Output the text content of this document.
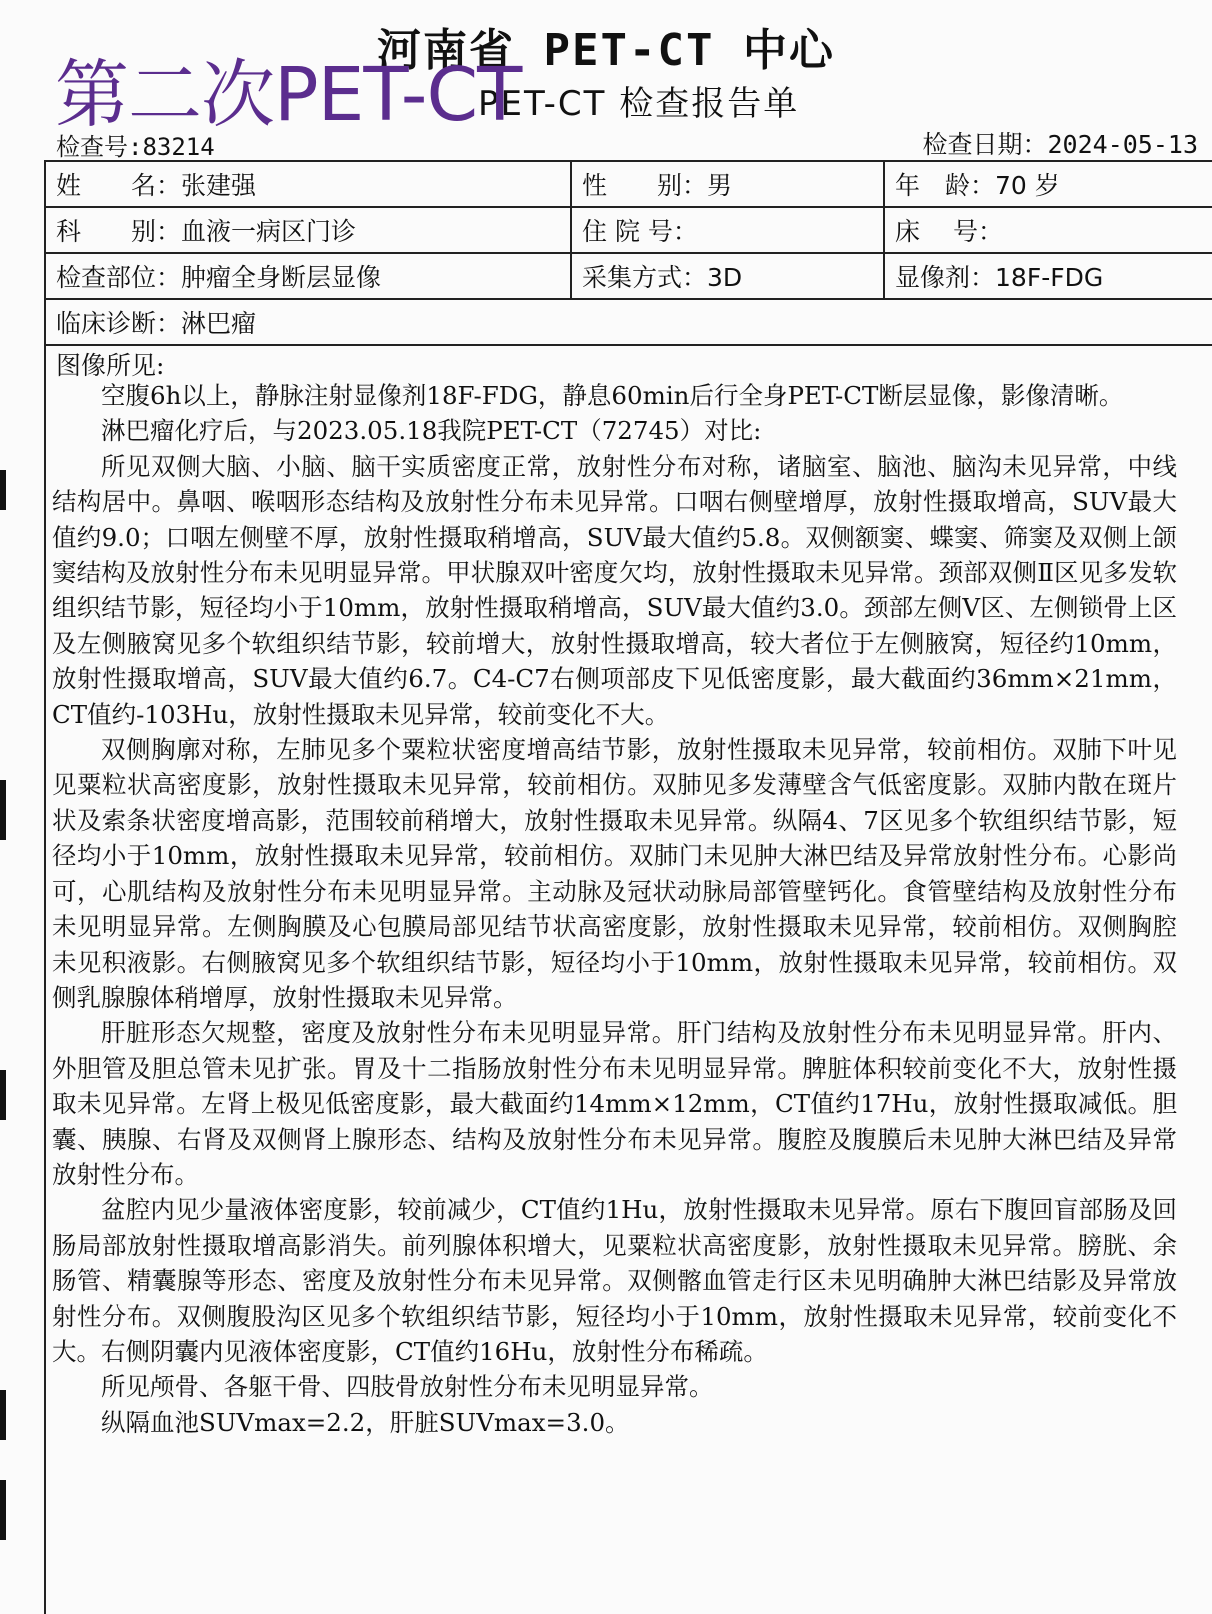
河南省 PET-CT 中心
PET-CT 检查报告单
第二次PET-CT
检查号:83214	检查日期：2024-05-13
姓　　名：张建强	性　　别：男	年　龄：70 岁
科　　别：血液一病区门诊	住 院 号：	床　 号：
检查部位：肿瘤全身断层显像	采集方式：3D	显像剂：18F-FDG
临床诊断：淋巴瘤		
图像所见:

空腹6h以上，静脉注射显像剂18F-FDG，静息60min后行全身PET-CT断层显像，影像清晰。

淋巴瘤化疗后，与2023.05.18我院PET-CT（72745）对比:

所见双侧大脑、小脑、脑干实质密度正常，放射性分布对称，诸脑室、脑池、脑沟未见异常，中线结构居中。鼻咽、喉咽形态结构及放射性分布未见异常。口咽右侧壁增厚，放射性摄取增高，SUV最大值约9.0；口咽左侧壁不厚，放射性摄取稍增高，SUV最大值约5.8。双侧额窦、蝶窦、筛窦及双侧上颌窦结构及放射性分布未见明显异常。甲状腺双叶密度欠均，放射性摄取未见异常。颈部双侧Ⅱ区见多发软组织结节影，短径均小于10mm，放射性摄取稍增高，SUV最大值约3.0。颈部左侧Ⅴ区、左侧锁骨上区及左侧腋窝见多个软组织结节影，较前增大，放射性摄取增高，较大者位于左侧腋窝，短径约10mm，放射性摄取增高，SUV最大值约6.7。C4-C7右侧项部皮下见低密度影，最大截面约36mm×21mm，CT值约-103Hu，放射性摄取未见异常，较前变化不大。

双侧胸廓对称，左肺见多个粟粒状密度增高结节影，放射性摄取未见异常，较前相仿。双肺下叶见见粟粒状高密度影，放射性摄取未见异常，较前相仿。双肺见多发薄壁含气低密度影。双肺内散在斑片状及索条状密度增高影，范围较前稍增大，放射性摄取未见异常。纵隔4、7区见多个软组织结节影，短径均小于10mm，放射性摄取未见异常，较前相仿。双肺门未见肿大淋巴结及异常放射性分布。心影尚可，心肌结构及放射性分布未见明显异常。主动脉及冠状动脉局部管壁钙化。食管壁结构及放射性分布未见明显异常。左侧胸膜及心包膜局部见结节状高密度影，放射性摄取未见异常，较前相仿。双侧胸腔未见积液影。右侧腋窝见多个软组织结节影，短径均小于10mm，放射性摄取未见异常，较前相仿。双侧乳腺腺体稍增厚，放射性摄取未见异常。

肝脏形态欠规整，密度及放射性分布未见明显异常。肝门结构及放射性分布未见明显异常。肝内、外胆管及胆总管未见扩张。胃及十二指肠放射性分布未见明显异常。脾脏体积较前变化不大，放射性摄取未见异常。左肾上极见低密度影，最大截面约14mm×12mm，CT值约17Hu，放射性摄取减低。胆囊、胰腺、右肾及双侧肾上腺形态、结构及放射性分布未见异常。腹腔及腹膜后未见肿大淋巴结及异常放射性分布。

盆腔内见少量液体密度影，较前减少，CT值约1Hu，放射性摄取未见异常。原右下腹回盲部肠及回肠局部放射性摄取增高影消失。前列腺体积增大，见粟粒状高密度影，放射性摄取未见异常。膀胱、余肠管、精囊腺等形态、密度及放射性分布未见异常。双侧髂血管走行区未见明确肿大淋巴结影及异常放射性分布。双侧腹股沟区见多个软组织结节影，短径均小于10mm，放射性摄取未见异常，较前变化不大。右侧阴囊内见液体密度影，CT值约16Hu，放射性分布稀疏。

所见颅骨、各躯干骨、四肢骨放射性分布未见明显异常。

纵隔血池SUVmax=2.2，肝脏SUVmax=3.0。
